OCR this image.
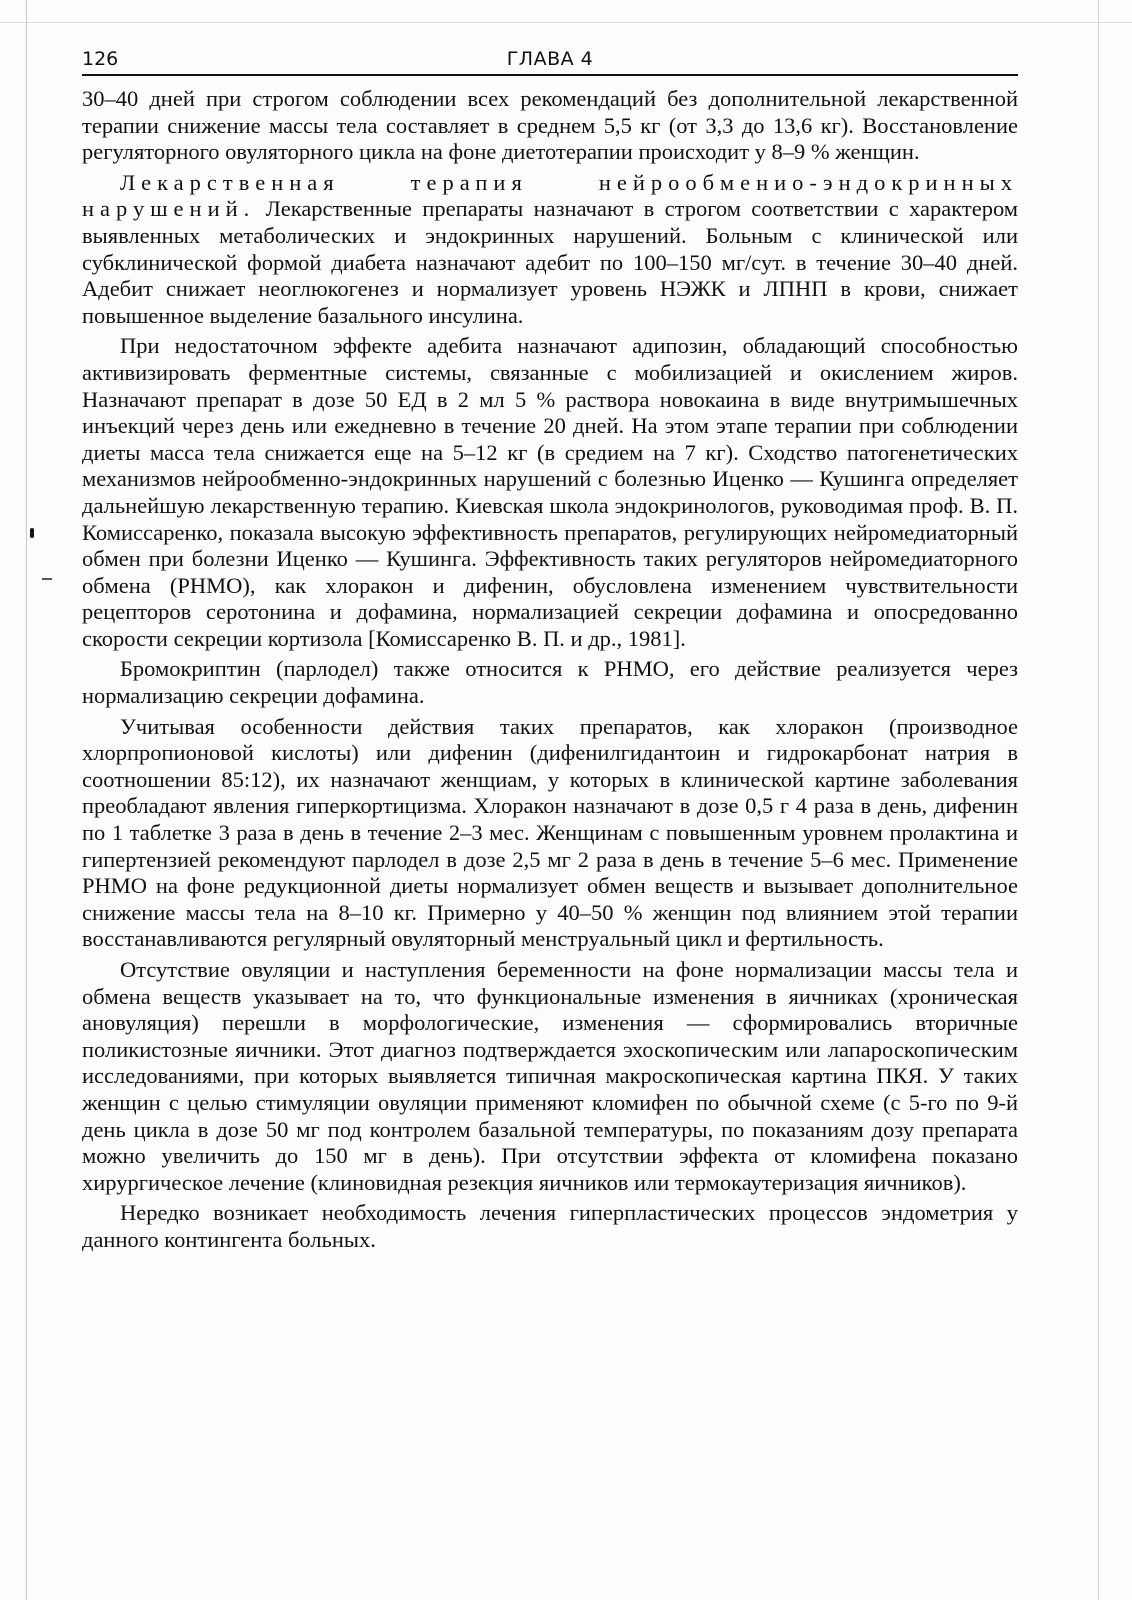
126	ГЛАВА 4

30–40 дней при строгом соблюдении всех рекомендаций без дополнительной лекарственной терапии снижение массы тела составляет в среднем 5,5 кг (от 3,3 до 13,6 кг). Восстановление регуляторного овуляторного цикла на фоне диетотерапии происходит у 8–9 % женщин.

Лекарственная терапия нейрообменио-эндокринных нарушений. Лекарственные препараты назначают в строгом соответствии с характером выявленных метаболических и эндокринных нарушений. Больным с клинической или субклинической формой диабета назначают адебит по 100–150 мг/сут. в течение 30–40 дней. Адебит снижает неоглюкогенез и нормализует уровень НЭЖК и ЛПНП в крови, снижает повышенное выделение базального инсулина.

При недостаточном эффекте адебита назначают адипозин, обладающий способностью активизировать ферментные системы, связанные с мобилизацией и окислением жиров. Назначают препарат в дозе 50 ЕД в 2 мл 5 % раствора новокаина в виде внутримышечных инъекций через день или ежедневно в течение 20 дней. На этом этапе терапии при соблюдении диеты масса тела снижается еще на 5–12 кг (в средием на 7 кг). Сходство патогенетических механизмов нейрообменно-эндокринных нарушений с болезнью Иценко — Кушинга определяет дальнейшую лекарственную терапию. Киевская школа эндокринологов, руководимая проф. В. П. Комиссаренко, показала высокую эффективность препаратов, регулирующих нейромедиаторный обмен при болезни Иценко — Кушинга. Эффективность таких регуляторов нейромедиаторного обмена (РНМО), как хлоракон и дифенин, обусловлена изменением чувствительности рецепторов серотонина и дофамина, нормализацией секреции дофамина и опосредованно скорости секреции кортизола [Комиссаренко В. П. и др., 1981].

Бромокриптин (парлодел) также относится к РНМО, его действие реализуется через нормализацию секреции дофамина.

Учитывая особенности действия таких препаратов, как хлоракон (производное хлорпропионовой кислоты) или дифенин (дифенилгидантоин и гидрокарбонат натрия в соотношении 85:12), их назначают женщиам, у которых в клинической картине заболевания преобладают явления гиперкортицизма. Хлоракон назначают в дозе 0,5 г 4 раза в день, дифенин по 1 таблетке 3 раза в день в течение 2–3 мес. Женщинам с повышенным уровнем пролактина и гипертензией рекомендуют парлодел в дозе 2,5 мг 2 раза в день в течение 5–6 мес. Применение РНМО на фоне редукционной диеты нормализует обмен веществ и вызывает дополнительное снижение массы тела на 8–10 кг. Примерно у 40–50 % женщин под влиянием этой терапии восстанавливаются регулярный овуляторный менструальный цикл и фертильность.

Отсутствие овуляции и наступления беременности на фоне нормализации массы тела и обмена веществ указывает на то, что функциональные изменения в яичниках (хроническая ановуляция) перешли в морфологические, изменения — сформировались вторичные поликистозные яичники. Этот диагноз подтверждается эхоскопическим или лапароскопическим исследованиями, при которых выявляется типичная макроскопическая картина ПКЯ. У таких женщин с целью стимуляции овуляции применяют кломифен по обычной схеме (с 5-го по 9-й день цикла в дозе 50 мг под контролем базальной температуры, по показаниям дозу препарата можно увеличить до 150 мг в день). При отсутствии эффекта от кломифена показано хирургическое лечение (клиновидная резекция яичников или термокаутеризация яичников).

Нередко возникает необходимость лечения гиперпластических процессов эндометрия у данного контингента больных.
